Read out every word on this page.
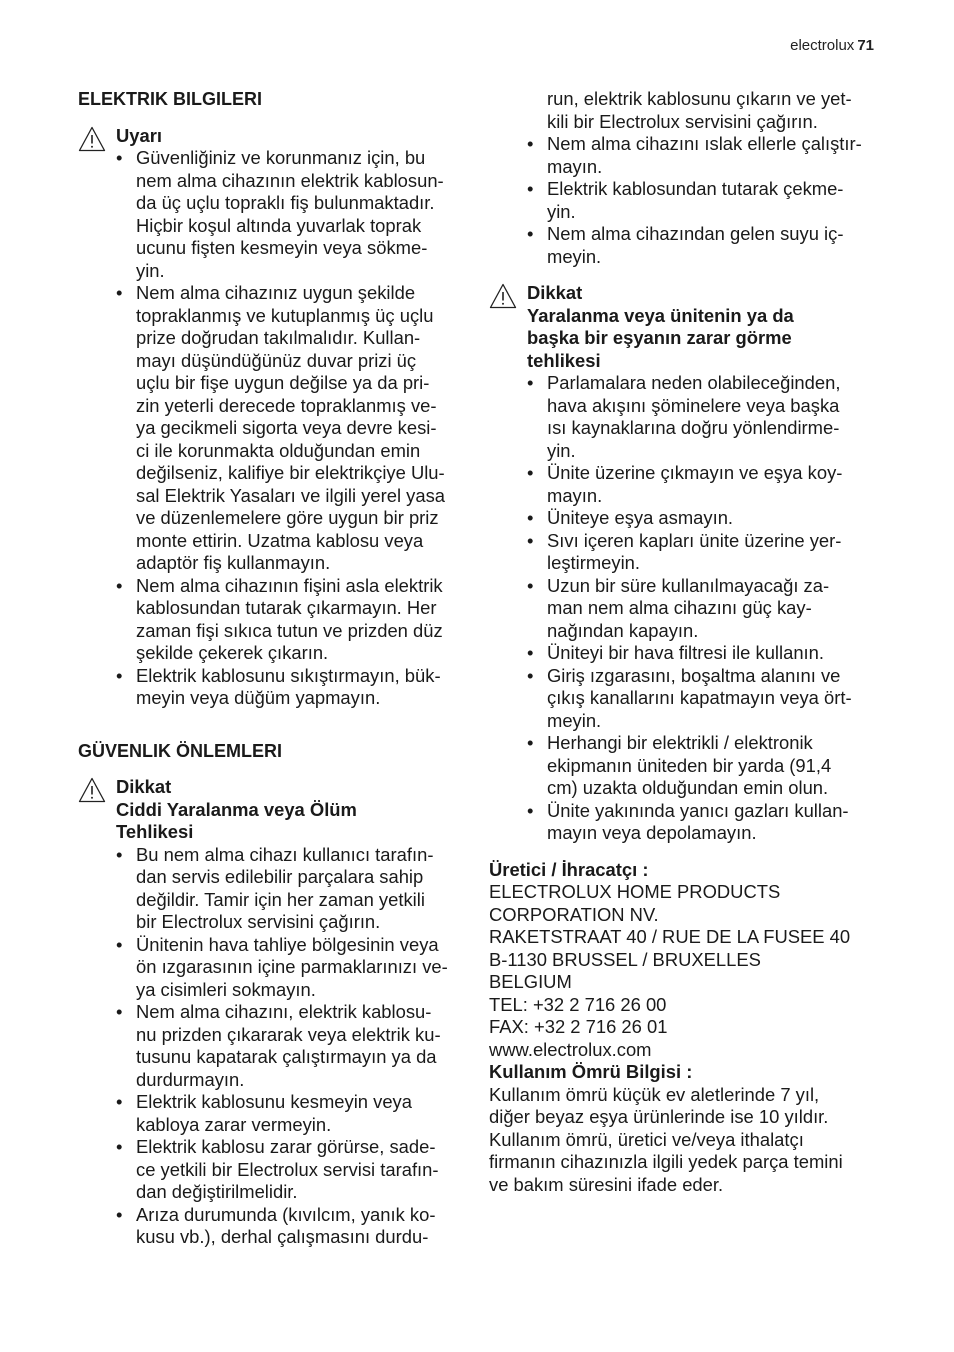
electrolux 71
ELEKTRIK BILGILERI
Uyarı
• Güvenliğiniz ve korunmanız için, bu
nem alma cihazının elektrik kablosun-
da üç uçlu topraklı fiş bulunmaktadır.
Hiçbir koşul altında yuvarlak toprak
ucunu fişten kesmeyin veya sökme-
yin.
• Nem alma cihazınız uygun şekilde
topraklanmış ve kutuplanmış üç uçlu
prize doğrudan takılmalıdır. Kullan-
mayı düşündüğünüz duvar prizi üç
uçlu bir fişe uygun değilse ya da pri-
zin yeterli derecede topraklanmış ve-
ya gecikmeli sigorta veya devre kesi-
ci ile korunmakta olduğundan emin
değilseniz, kalifiye bir elektrikçiye Ulu-
sal Elektrik Yasaları ve ilgili yerel yasa
ve düzenlemelere göre uygun bir priz
monte ettirin. Uzatma kablosu veya
adaptör fiş kullanmayın.
• Nem alma cihazının fişini asla elektrik
kablosundan tutarak çıkarmayın. Her
zaman fişi sıkıca tutun ve prizden düz
şekilde çekerek çıkarın.
• Elektrik kablosunu sıkıştırmayın, bük-
meyin veya düğüm yapmayın.
GÜVENLIK ÖNLEMLERI
Dikkat
Ciddi Yaralanma veya Ölüm
Tehlikesi
• Bu nem alma cihazı kullanıcı tarafın-
dan servis edilebilir parçalara sahip
değildir. Tamir için her zaman yetkili
bir Electrolux servisini çağırın.
• Ünitenin hava tahliye bölgesinin veya
ön ızgarasının içine parmaklarınızı ve-
ya cisimleri sokmayın.
• Nem alma cihazını, elektrik kablosu-
nu prizden çıkararak veya elektrik ku-
tusunu kapatarak çalıştırmayın ya da
durdurmayın.
• Elektrik kablosunu kesmeyin veya
kabloya zarar vermeyin.
• Elektrik kablosu zarar görürse, sade-
ce yetkili bir Electrolux servisi tarafın-
dan değiştirilmelidir.
• Arıza durumunda (kıvılcım, yanık ko-
kusu vb.), derhal çalışmasını durdu-
run, elektrik kablosunu çıkarın ve yet-
kili bir Electrolux servisini çağırın.
• Nem alma cihazını ıslak ellerle çalıştır-
mayın.
• Elektrik kablosundan tutarak çekme-
yin.
• Nem alma cihazından gelen suyu iç-
meyin.
Dikkat
Yaralanma veya ünitenin ya da
başka bir eşyanın zarar görme
tehlikesi
• Parlamalara neden olabileceğinden,
hava akışını şöminelere veya başka
ısı kaynaklarına doğru yönlendirme-
yin.
• Ünite üzerine çıkmayın ve eşya koy-
mayın.
• Üniteye eşya asmayın.
• Sıvı içeren kapları ünite üzerine yer-
leştirmeyin.
• Uzun bir süre kullanılmayacağı za-
man nem alma cihazını güç kay-
nağından kapayın.
• Üniteyi bir hava filtresi ile kullanın.
• Giriş ızgarasını, boşaltma alanını ve
çıkış kanallarını kapatmayın veya ört-
meyin.
• Herhangi bir elektrikli / elektronik
ekipmanın üniteden bir yarda (91,4
cm) uzakta olduğundan emin olun.
• Ünite yakınında yanıcı gazları kullan-
mayın veya depolamayın.
Üretici / İhracatçı :
ELECTROLUX HOME PRODUCTS
CORPORATION NV.
RAKETSTRAAT 40 / RUE DE LA FUSEE 40
B-1130 BRUSSEL / BRUXELLES
BELGIUM
TEL: +32 2 716 26 00
FAX: +32 2 716 26 01
www.electrolux.com
Kullanım Ömrü Bilgisi :
Kullanım ömrü küçük ev aletlerinde 7 yıl,
diğer beyaz eşya ürünlerinde ise 10 yıldır.
Kullanım ömrü, üretici ve/veya ithalatçı
firmanın cihazınızla ilgili yedek parça temini
ve bakım süresini ifade eder.
